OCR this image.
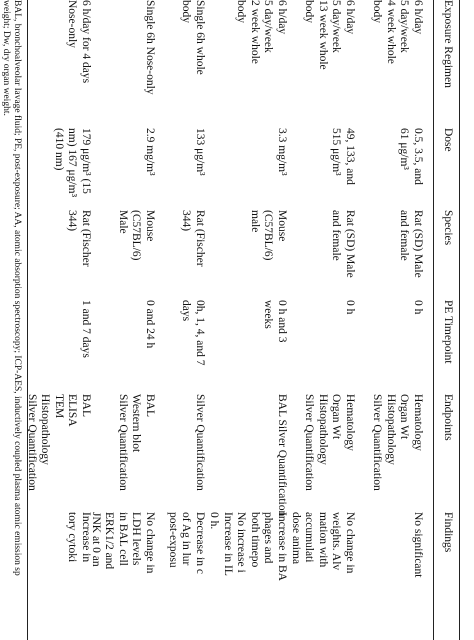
Exposure Regimen
Dose
Species
PE Timepoint
Endpoints
Findings
6 h/day
5 day/week
4 week whole
body
0.5, 3.5, and
61 μg/m³
Rat (SD) Male
and female
0 h
Hematology
Organ Wt
Histopathology
Silver Quantification
No significant
6 h/day
5 day/week
13 week whole
body
49, 133, and
515 μg/m³
Rat (SD) Male
and female
0 h
Hematology
Organ Wt
Histopathology
Silver Quantification
No change in
weights. Alv
mation with
accumulati
dose anima
6 h/day
5 day/week
2 week whole
body
3.3 mg/m³
Mouse
(C57BL/6)
male
0 h and 3
weeks
BAL Silver Quantification
Increase in BA
phages and
both timepo
No increase i
Increase in IL
0 h.
Single 6h whole
body
133 μg/m³
Rat (Fischer
344)
0h, 1, 4, and 7
days
Silver Quantification
Decrease in c
of Ag in lur
post-exposu
Single 6h Nose-only
2.9 mg/m³
Mouse
(C57BL/6)
Male
0 and 24 h
BAL
Western blot
Silver Quantification
No change in
LDH levels
in BAL cell
ERK1/2 and
JNK at 0 an
6 h/day for 4 days
Nose-only
179 μg/m³ (15
nm) 167 μg/m³
(410 nm)
Rat (Fischer
344)
1 and 7 days
BAL
ELISA
TEM
Histopathology
Silver Quantification
Increase in
tory cytoki
BAL, bronchoalveolar lavage fluid; PE, post-exposure; AA, atomic absorption spectroscopy; ICP-AES, inductively coupled plasma atomic emission sp
weight; Dw, dry organ weight.
